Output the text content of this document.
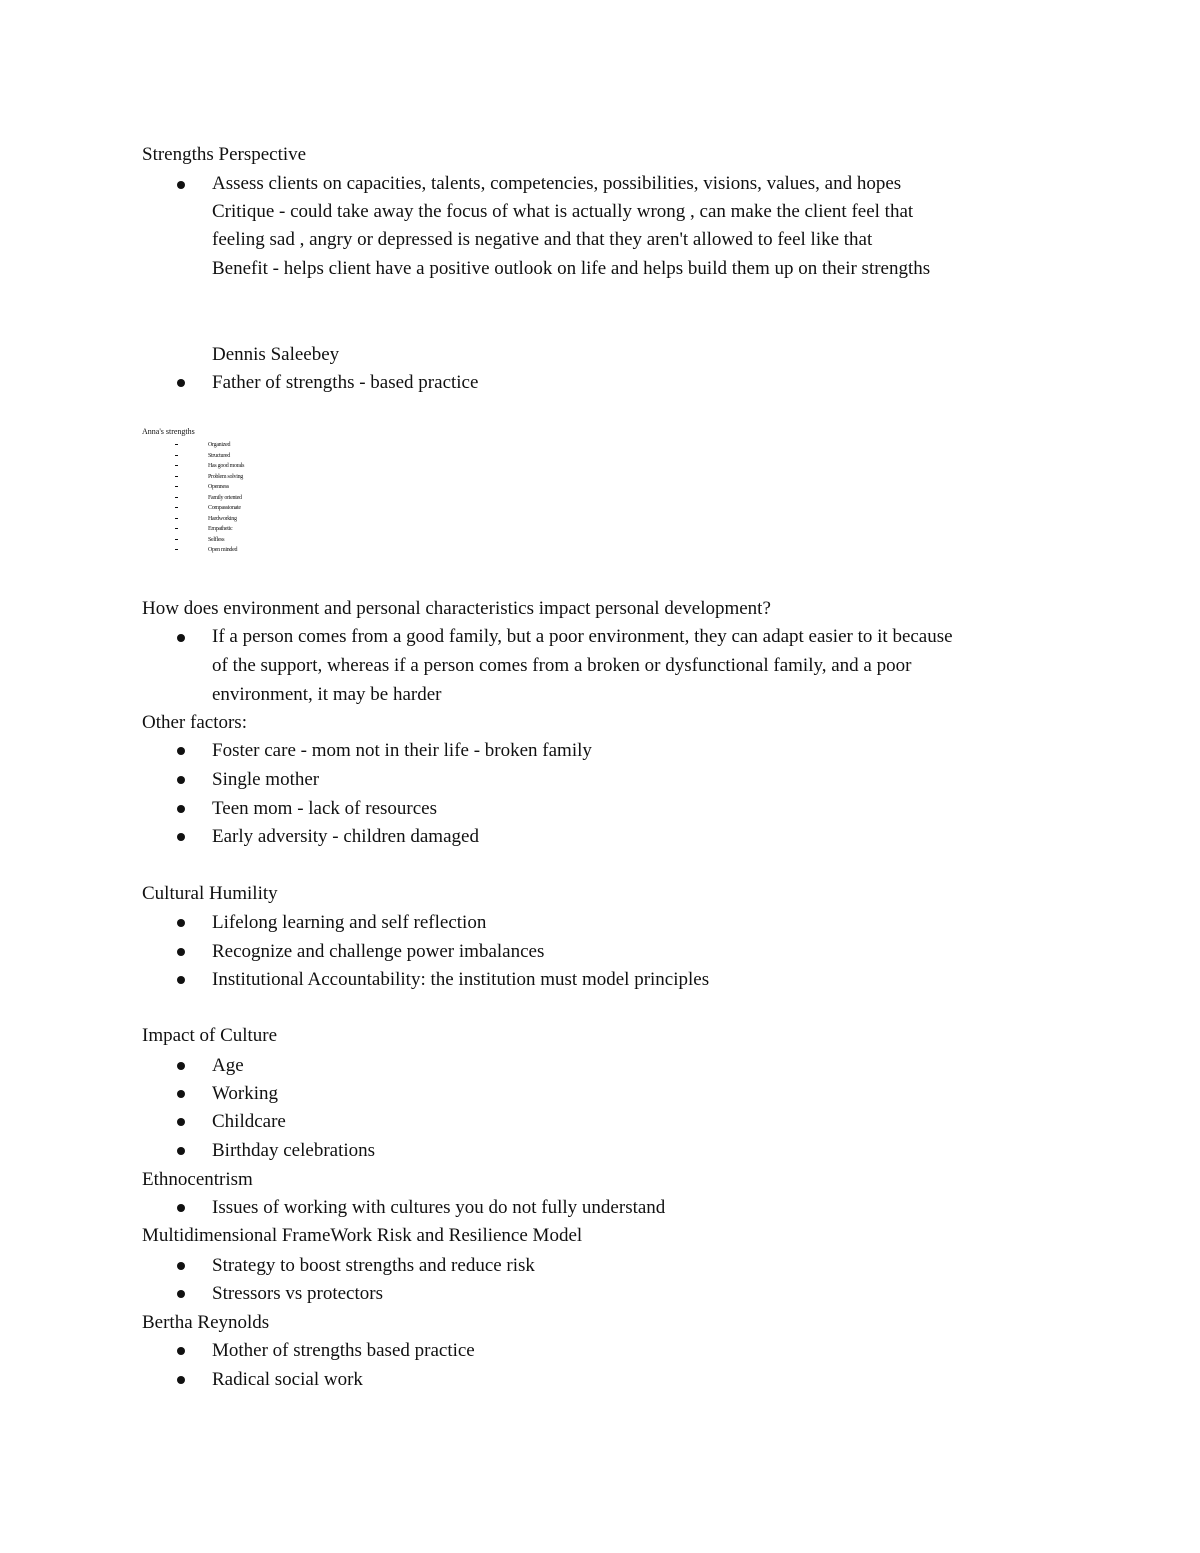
Strengths Perspective
Assess clients on capacities, talents, competencies, possibilities, visions, values, and hopes
Critique - could take away the focus of what is actually wrong , can make the client feel that
feeling sad , angry or depressed is negative and that they aren't allowed to feel like that
Benefit - helps client have a positive outlook on life and helps build them up on their strengths
Dennis Saleebey
Father of strengths - based practice
Anna's strengths
Organized
Structured
Has good morals
Problem solving
Openness
Family oriented
Compassionate
Hardworking
Empathetic
Selfless
Open minded
How does environment and personal characteristics impact personal development?
If a person comes from a good family, but a poor environment, they can adapt easier to it because
of the support, whereas if a person comes from a broken or dysfunctional family, and a poor
environment, it may be harder
Other factors:
Foster care - mom not in their life - broken family
Single mother
Teen mom - lack of resources
Early adversity - children damaged
Cultural Humility
Lifelong learning and self reflection
Recognize and challenge power imbalances
Institutional Accountability: the institution must model principles
Impact of Culture
Age
Working
Childcare
Birthday celebrations
Ethnocentrism
Issues of working with cultures you do not fully understand
Multidimensional FrameWork Risk and Resilience Model
Strategy to boost strengths and reduce risk
Stressors vs protectors
Bertha Reynolds
Mother of strengths based practice
Radical social work
